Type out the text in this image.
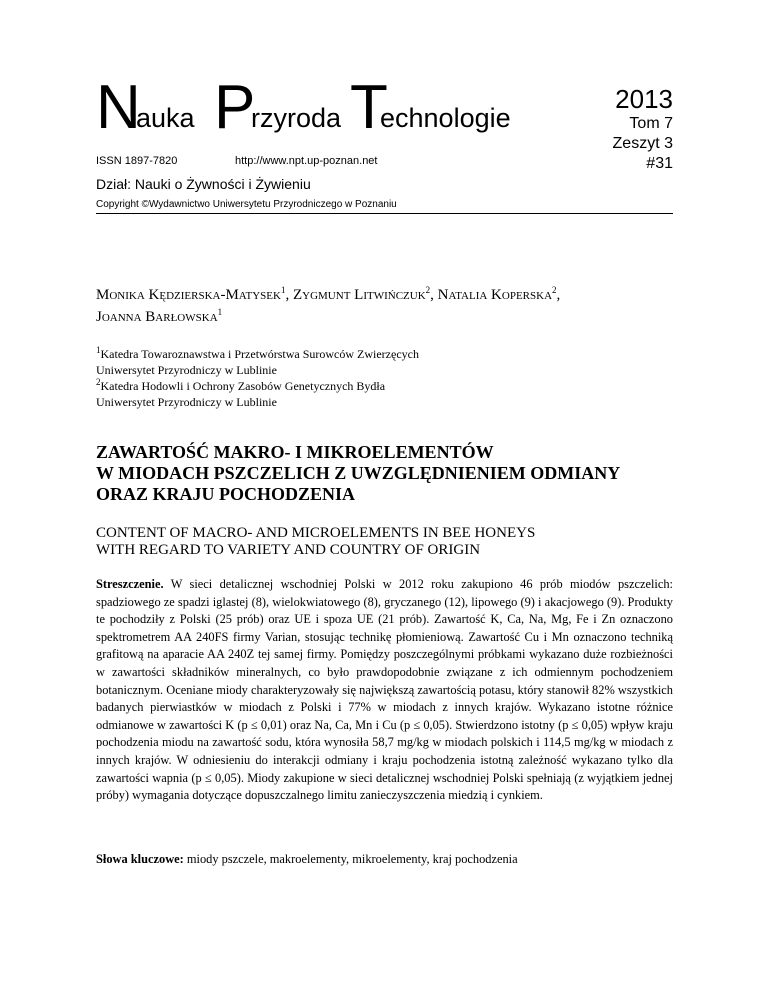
N
auka P
rzyroda T
echnologie
ISSN 1897-7820	http://www.npt.up-poznan.net
Dział: Nauki o Żywności i Żywieniu
Copyright ©Wydawnictwo Uniwersytetu Przyrodniczego w Poznaniu
2013
Tom 7
Zeszyt 3
#31
Monika Kędzierska-Matysek$^1$, Zygmunt Litwińczuk$^2$, Natalia Koperska$^2$,
Joanna Barłowska$^1$
$^1$Katedra Towaroznawstwa i Przetwórstwa Surowców Zwierzęcych
Uniwersytet Przyrodniczy w Lublinie
$^2$Katedra Hodowli i Ochrony Zasobów Genetycznych Bydła
Uniwersytet Przyrodniczy w Lublinie
ZAWARTOŚĆ MAKRO- I MIKROELEMENTÓW
W MIODACH PSZCZELICH Z UWZGLĘDNIENIEM ODMIANY
ORAZ KRAJU POCHODZENIA
CONTENT OF MACRO- AND MICROELEMENTS IN BEE HONEYS
WITH REGARD TO VARIETY AND COUNTRY OF ORIGIN

Streszczenie. W sieci detalicznej wschodniej Polski w 2012 roku zakupiono 46 prób miodów pszczelich: spadziowego ze spadzi iglastej (8), wielokwiatowego (8), gryczanego (12), lipowego (9) i akacjowego (9). Produkty te pochodziły z Polski (25 prób) oraz UE i spoza UE (21 prób). Zawartość K, Ca, Na, Mg, Fe i Zn oznaczono spektrometrem AA 240FS firmy Varian, stosując technikę płomieniową. Zawartość Cu i Mn oznaczono techniką grafitową na aparacie AA 240Z tej samej firmy. Pomiędzy poszczególnymi próbkami wykazano duże rozbieżności w zawartości składników mineralnych, co było prawdopodobnie związane z ich odmiennym pochodzeniem botanicznym. Oceniane miody charakteryzowały się największą zawartością potasu, który stanowił 82% wszystkich badanych pierwiastków w miodach z Polski i 77% w miodach z innych krajów. Wykazano istotne różnice odmianowe w zawartości K (p ≤ 0,01) oraz Na, Ca, Mn i Cu (p ≤ 0,05). Stwierdzono istotny (p ≤ 0,05) wpływ kraju pochodzenia miodu na zawartość sodu, która wynosiła 58,7 mg/kg w miodach polskich i 114,5 mg/kg w miodach z innych krajów. W odniesieniu do interakcji odmiany i kraju pochodzenia istotną zależność wykazano tylko dla zawartości wapnia (p ≤ 0,05). Miody zakupione w sieci detalicznej wschodniej Polski spełniają (z wyjątkiem jednej próby) wymagania dotyczące dopuszczalnego limitu zanieczyszczenia miedzią i cynkiem.

Słowa kluczowe: miody pszczele, makroelementy, mikroelementy, kraj pochodzenia
